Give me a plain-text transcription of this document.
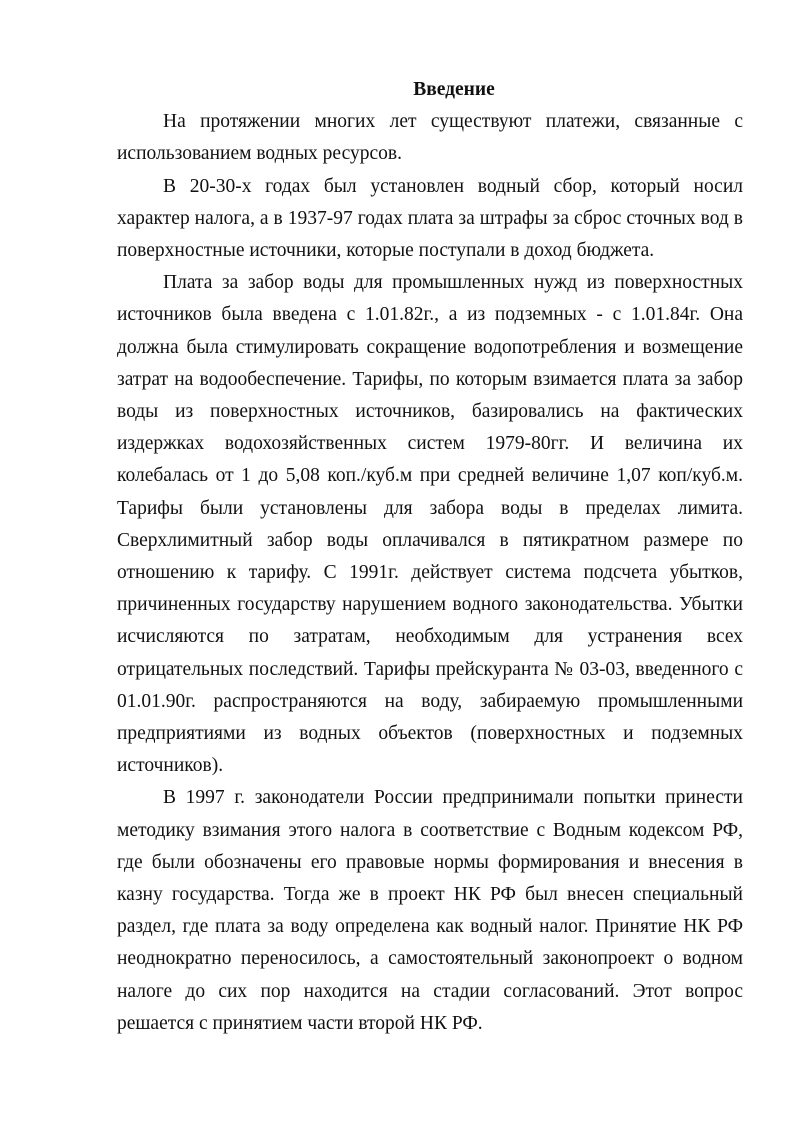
Введение

На протяжении многих лет существуют платежи, связанные с использованием водных ресурсов.

В 20-30-х годах был установлен водный сбор, который носил характер налога, а в 1937-97 годах плата за штрафы за сброс сточных вод в поверхностные источники, которые поступали в доход бюджета.

Плата за забор воды для промышленных нужд из поверхностных источников была введена с 1.01.82г., а из подземных - с 1.01.84г. Она должна была стимулировать сокращение водопотребления и возмещение затрат на водообеспечение. Тарифы, по которым взимается плата за забор воды из поверхностных источников, базировались на фактических издержках водохозяйственных систем 1979-80гг. И величина их колебалась от 1 до 5,08 коп./куб.м при средней величине 1,07 коп/куб.м. Тарифы были установлены для забора воды в пределах лимита. Сверхлимитный забор воды оплачивался в пятикратном размере по отношению к тарифу. С 1991г. действует система подсчета убытков, причиненных государству нарушением водного законодательства. Убытки исчисляются по затратам, необходимым для устранения всех отрицательных последствий. Тарифы прейскуранта № 03-03, введенного с 01.01.90г. распространяются на воду, забираемую промышленными предприятиями из водных объектов (поверхностных и подземных источников).

В 1997 г. законодатели России предпринимали попытки принести методику взимания этого налога в соответствие с Водным кодексом РФ, где были обозначены его правовые нормы формирования и внесения в казну государства. Тогда же в проект НК РФ был внесен специальный раздел, где плата за воду определена как водный налог. Принятие НК РФ неоднократно переносилось, а самостоятельный законопроект о водном налоге до сих пор находится на стадии согласований. Этот вопрос решается с принятием части второй НК РФ.
